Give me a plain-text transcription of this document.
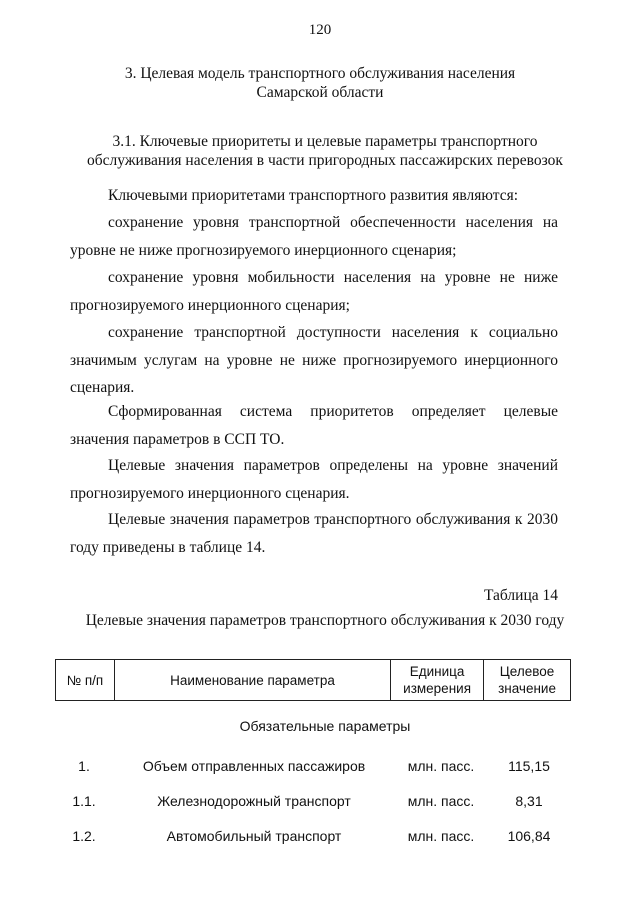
120
3. Целевая модель транспортного обслуживания населения
Самарской области
3.1. Ключевые приоритеты и целевые параметры транспортного
обслуживания населения в части пригородных пассажирских перевозок
Ключевыми приоритетами транспортного развития являются:
сохранение уровня транспортной обеспеченности населения на уровне не ниже прогнозируемого инерционного сценария;
сохранение уровня мобильности населения на уровне не ниже прогнозируемого инерционного сценария;
сохранение транспортной доступности населения к социально значимым услугам на уровне не ниже прогнозируемого инерционного сценария.
Сформированная система приоритетов определяет целевые значения параметров в ССП ТО.
Целевые значения параметров определены на уровне значений прогнозируемого инерционного сценария.
Целевые значения параметров транспортного обслуживания к 2030 году приведены в таблице 14.
Таблица 14
Целевые значения параметров транспортного обслуживания к 2030 году
№ п/п	Наименование параметра	Единица измерения	Целевое значение
Обязательные параметры
1.	Объем отправленных пассажиров	млн. пасс.	115,15
1.1.	Железнодорожный транспорт	млн. пасс.	8,31
1.2.	Автомобильный транспорт	млн. пасс.	106,84
